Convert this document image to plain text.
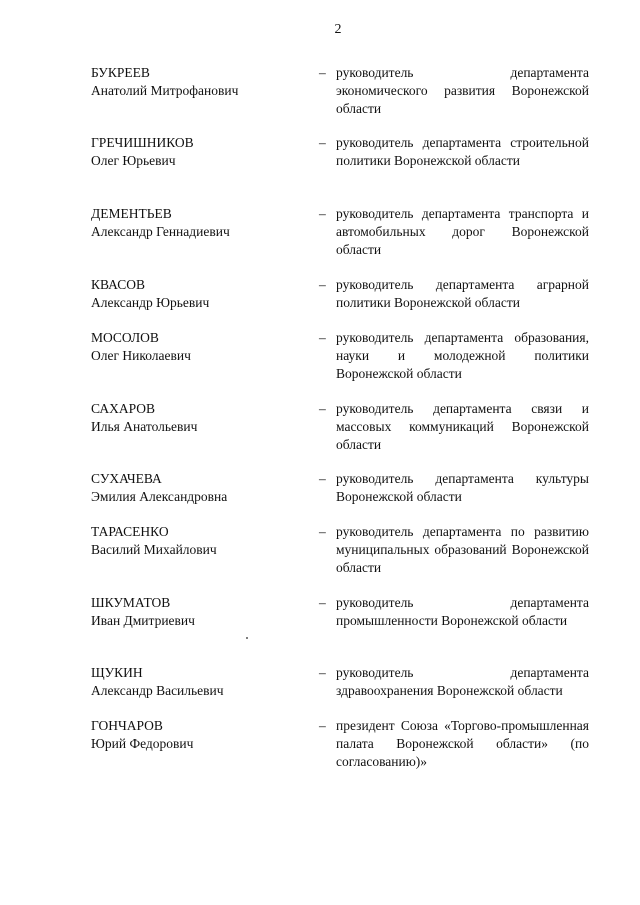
2
БУКРЕЕВ
Анатолий Митрофанович
– руководитель департамента экономического развития Воронежской области
ГРЕЧИШНИКОВ
Олег Юрьевич
– руководитель департамента строительной политики Воронежской области
ДЕМЕНТЬЕВ
Александр Геннадиевич
– руководитель департамента транспорта и автомобильных дорог Воронежской области
КВАСОВ
Александр Юрьевич
– руководитель департамента аграрной политики Воронежской области
МОСОЛОВ
Олег Николаевич
– руководитель департамента образования, науки и молодежной политики Воронежской области
САХАРОВ
Илья Анатольевич
– руководитель департамента связи и массовых коммуникаций Воронежской области
СУХАЧЕВА
Эмилия Александровна
– руководитель департамента культуры Воронежской области
ТАРАСЕНКО
Василий Михайлович
– руководитель департамента по развитию муниципальных образований Воронежской области
ШКУМАТОВ
Иван Дмитриевич
– руководитель департамента промышленности Воронежской области
ЩУКИН
Александр Васильевич
– руководитель департамента здравоохранения Воронежской области
ГОНЧАРОВ
Юрий Федорович
– президент Союза «Торгово-промышленная палата Воронежской области» (по согласованию)»
